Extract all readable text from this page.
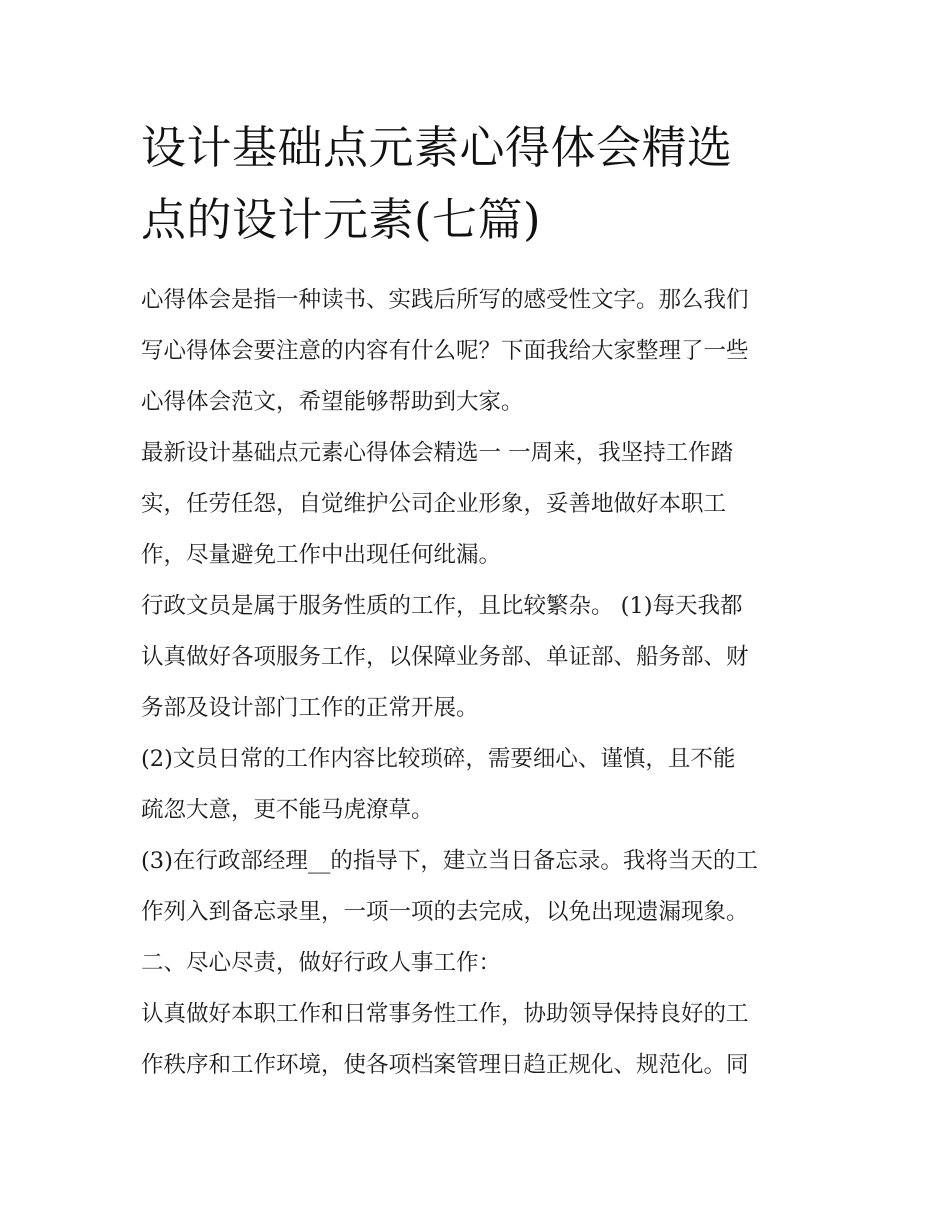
设计基础点元素心得体会精选
点的设计元素(七篇)
心得体会是指一种读书、实践后所写的感受性文字。那么我们
写心得体会要注意的内容有什么呢？下面我给大家整理了一些
心得体会范文，希望能够帮助到大家。
最新设计基础点元素心得体会精选一 一周来，我坚持工作踏
实，任劳任怨，自觉维护公司企业形象，妥善地做好本职工
作，尽量避免工作中出现任何纰漏。
行政文员是属于服务性质的工作，且比较繁杂。 (1)每天我都
认真做好各项服务工作，以保障业务部、单证部、船务部、财
务部及设计部门工作的正常开展。
(2)文员日常的工作内容比较琐碎，需要细心、谨慎，且不能
疏忽大意，更不能马虎潦草。
(3)在行政部经理__的指导下，建立当日备忘录。我将当天的工
作列入到备忘录里，一项一项的去完成，以免出现遗漏现象。
二、尽心尽责，做好行政人事工作：
认真做好本职工作和日常事务性工作，协助领导保持良好的工
作秩序和工作环境，使各项档案管理日趋正规化、规范化。同
